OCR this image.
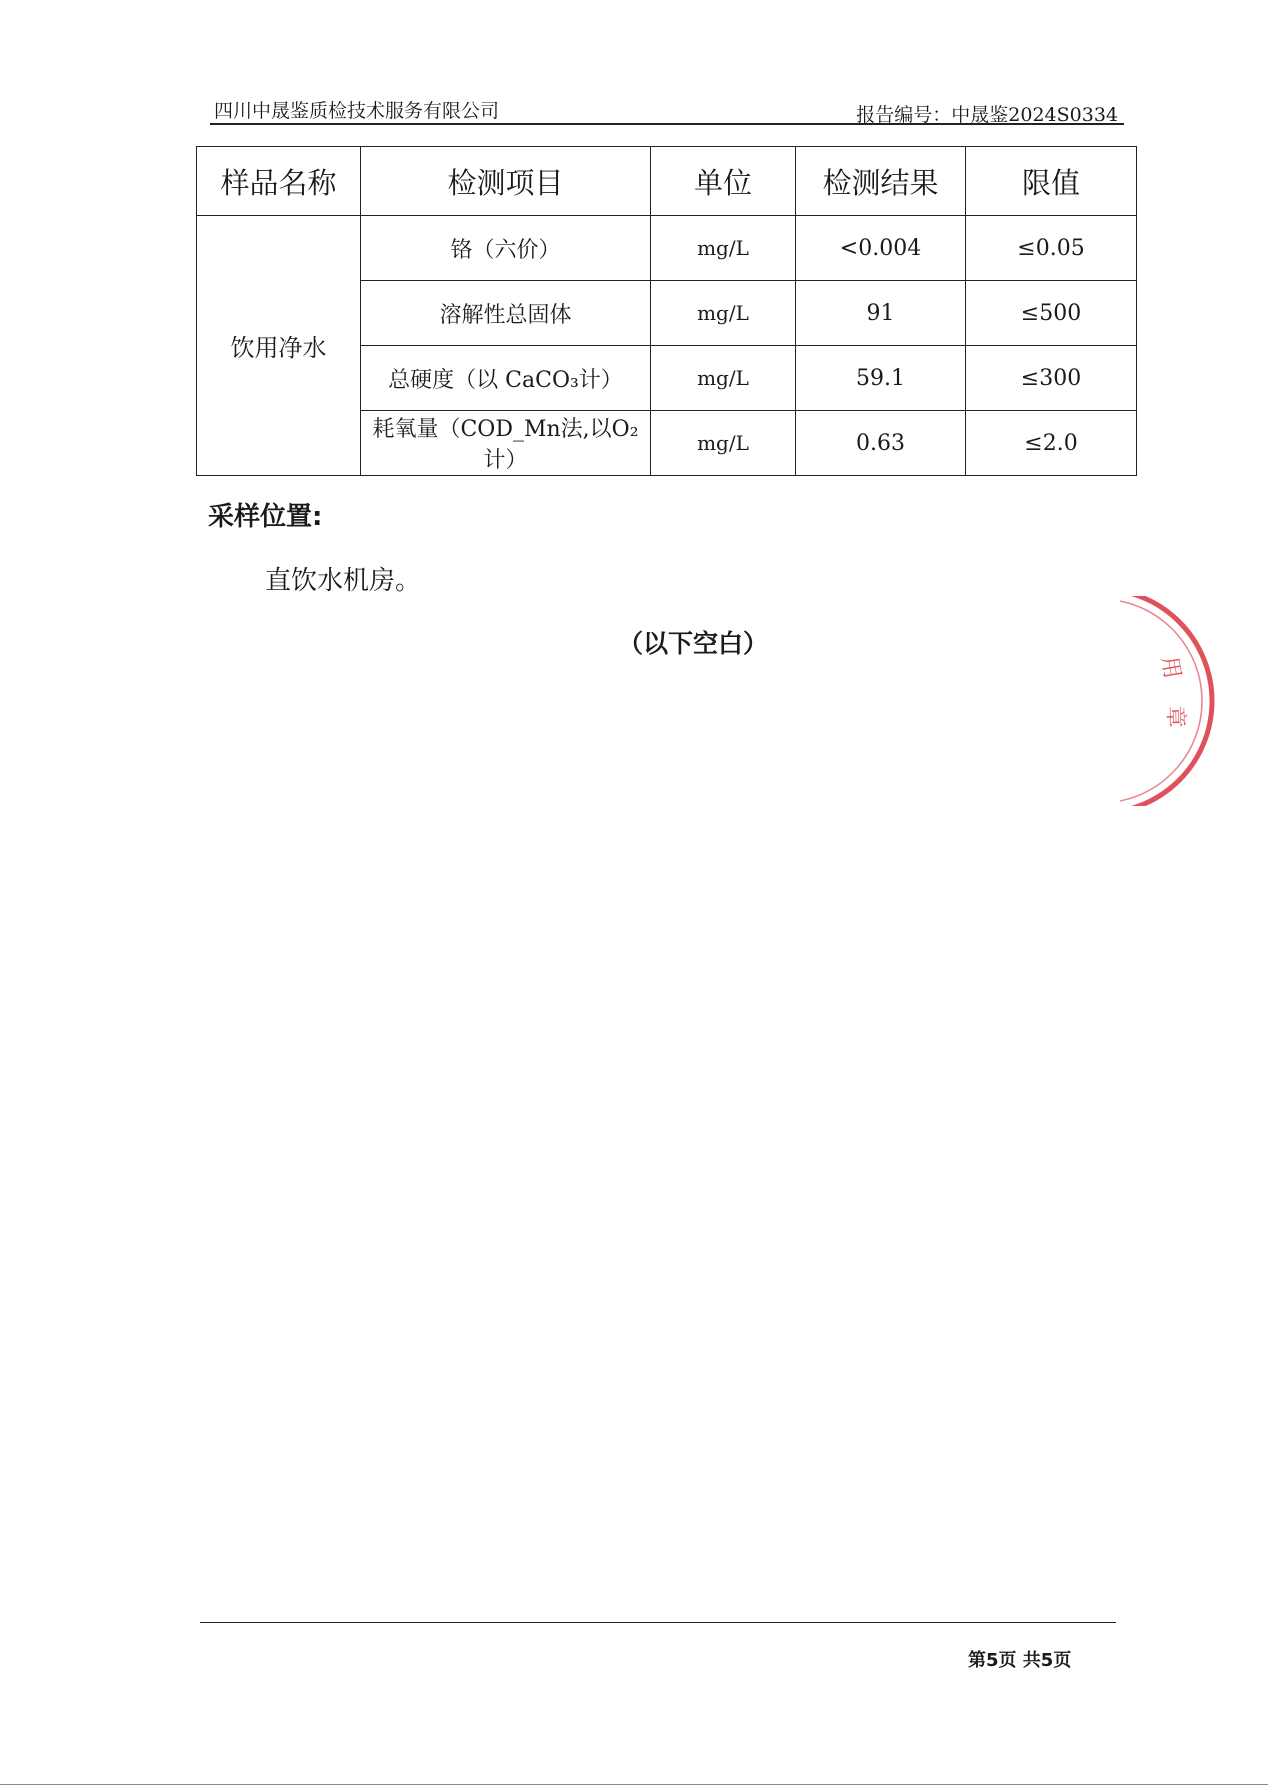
四川中晟鉴质检技术服务有限公司	报告编号：中晟鉴2024S0334
样品名称	检测项目	单位	检测结果	限值
饮用净水	铬（六价）	mg/L	<0.004	≤0.05
	溶解性总固体	mg/L	91	≤500
	总硬度（以 CaCO₃计）	mg/L	59.1	≤300
	耗氧量（COD_Mn法,以O₂计）	mg/L	0.63	≤2.0
采样位置:
直饮水机房。
（以下空白）
用
章
第5页 共5页
